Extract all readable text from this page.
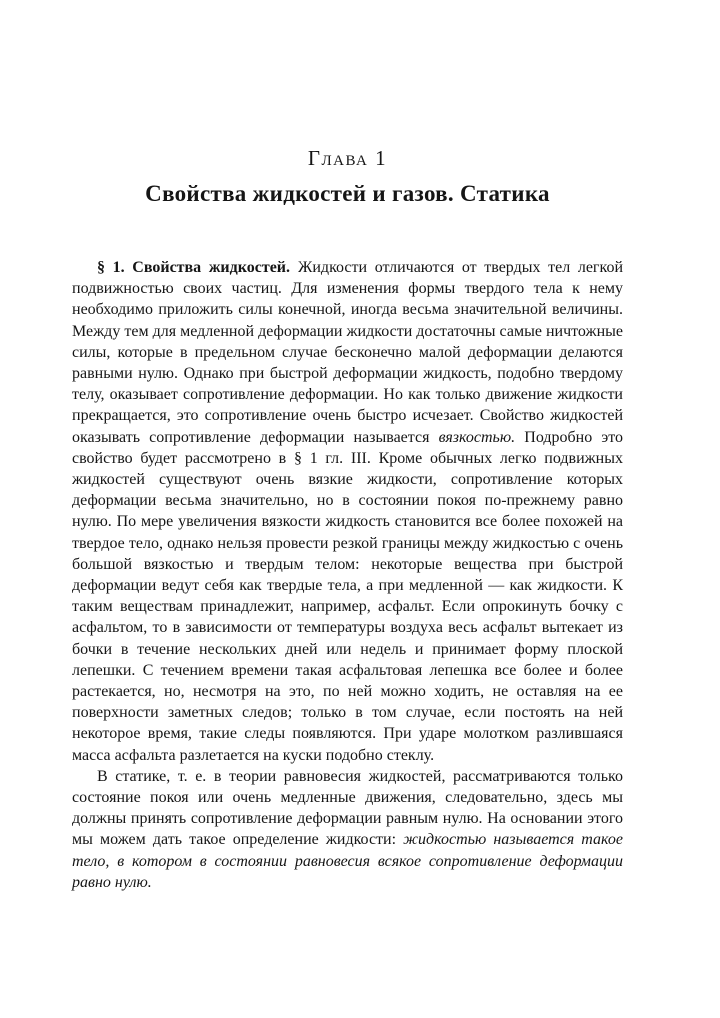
Глава 1
Свойства жидкостей и газов. Статика

§ 1. Свойства жидкостей. Жидкости отличаются от твердых тел легкой подвижностью своих частиц. Для изменения формы твердого тела к нему необходимо приложить силы конечной, иногда весьма значительной величины. Между тем для медленной деформации жидкости достаточны самые ничтожные силы, которые в предельном случае бесконечно малой деформации делаются равными нулю. Однако при быстрой деформации жидкость, подобно твердому телу, оказывает сопротивление деформации. Но как только движение жидкости прекращается, это сопротивление очень быстро исчезает. Свойство жидкостей оказывать сопротивление деформации называется вязкостью. Подробно это свойство будет рассмотрено в § 1 гл. III. Кроме обычных легко подвижных жидкостей существуют очень вязкие жидкости, сопротивление которых деформации весьма значительно, но в состоянии покоя по-прежнему равно нулю. По мере увеличения вязкости жидкость становится все более похожей на твердое тело, однако нельзя провести резкой границы между жидкостью с очень большой вязкостью и твердым телом: некоторые вещества при быстрой деформации ведут себя как твердые тела, а при медленной — как жидкости. К таким веществам принадлежит, например, асфальт. Если опрокинуть бочку с асфальтом, то в зависимости от температуры воздуха весь асфальт вытекает из бочки в течение нескольких дней или недель и принимает форму плоской лепешки. С течением времени такая асфальтовая лепешка все более и более растекается, но, несмотря на это, по ней можно ходить, не оставляя на ее поверхности заметных следов; только в том случае, если постоять на ней некоторое время, такие следы появляются. При ударе молотком разлившаяся масса асфальта разлетается на куски подобно стеклу.

В статике, т. е. в теории равновесия жидкостей, рассматриваются только состояние покоя или очень медленные движения, следовательно, здесь мы должны принять сопротивление деформации равным нулю. На основании этого мы можем дать такое определение жидкости: жидкостью называется такое тело, в котором в состоянии равновесия всякое сопротивление деформации равно нулю.
